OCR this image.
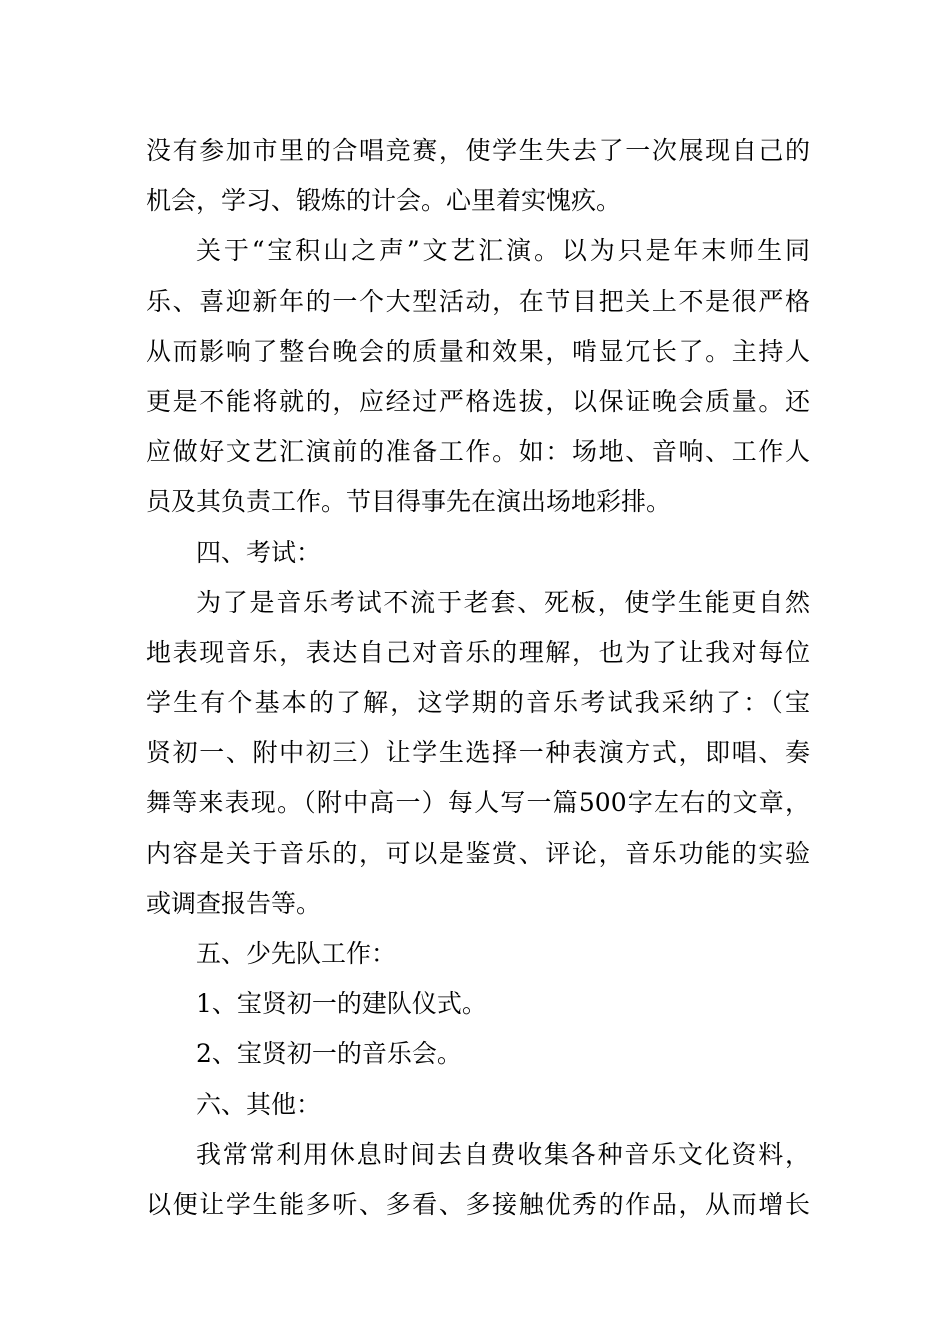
没有参加市里的合唱竞赛，使学生失去了一次展现自己的
机会，学习、锻炼的计会。心里着实愧疚。
关于“宝积山之声”文艺汇演。以为只是年末师生同
乐、喜迎新年的一个大型活动，在节目把关上不是很严格
从而影响了整台晚会的质量和效果，啃显冗长了。主持人
更是不能将就的，应经过严格选拔，以保证晚会质量。还
应做好文艺汇演前的准备工作。如：场地、音响、工作人
员及其负责工作。节目得事先在演出场地彩排。
四、考试：
为了是音乐考试不流于老套、死板，使学生能更自然
地表现音乐，表达自己对音乐的理解，也为了让我对每位
学生有个基本的了解，这学期的音乐考试我采纳了：（宝
贤初一、附中初三）让学生选择一种表演方式，即唱、奏
舞等来表现。（附中高一）每人写一篇500字左右的文章，
内容是关于音乐的，可以是鉴赏、评论，音乐功能的实验
或调查报告等。
五、少先队工作：
1、宝贤初一的建队仪式。
2、宝贤初一的音乐会。
六、其他：
我常常利用休息时间去自费收集各种音乐文化资料，
以便让学生能多听、多看、多接触优秀的作品，从而增长
